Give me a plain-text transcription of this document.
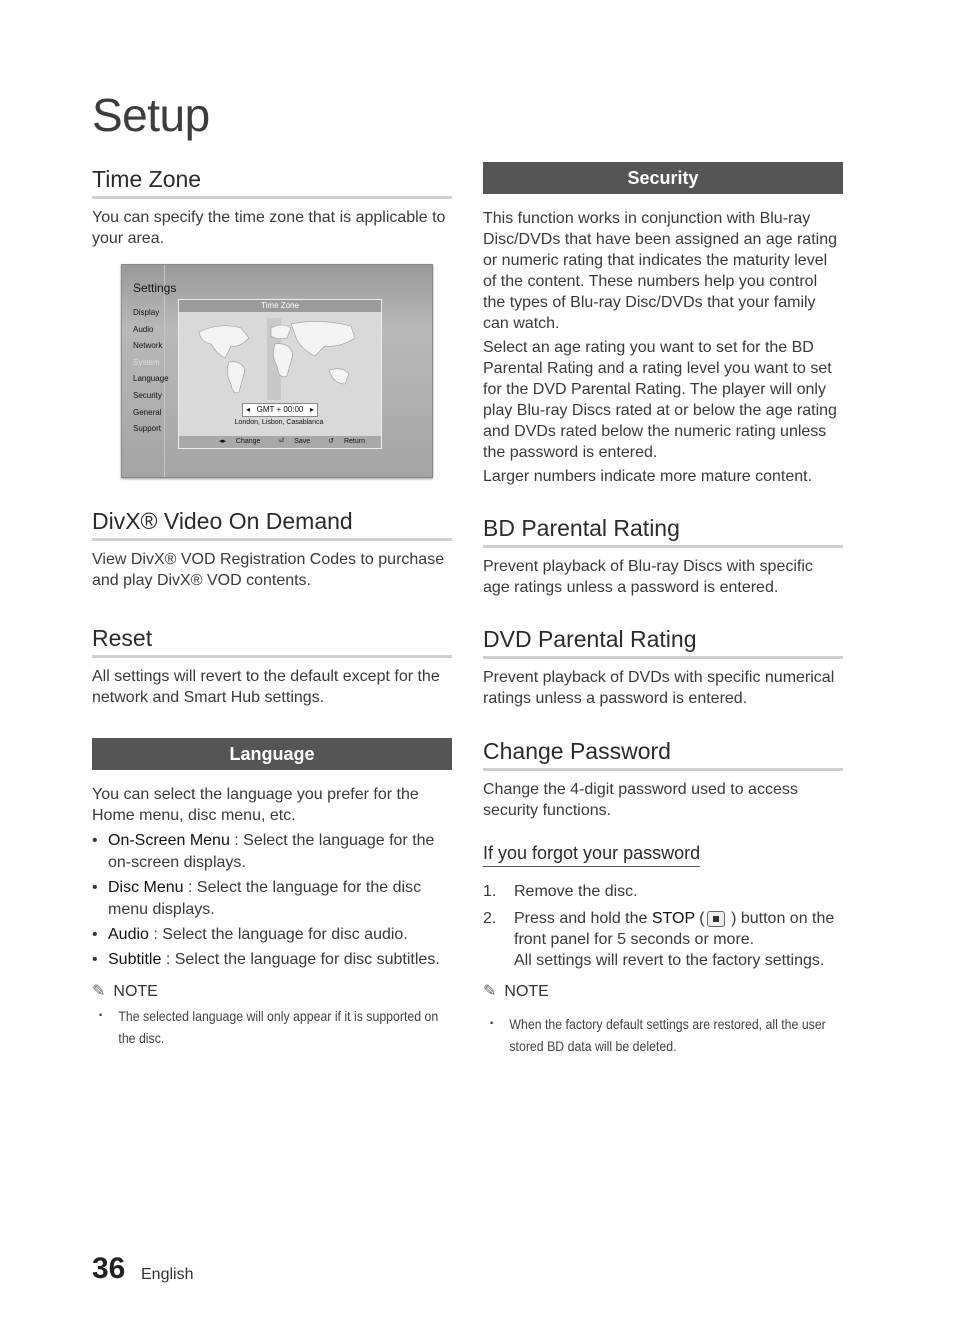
Setup
Time Zone

You can specify the time zone that is applicable to your area.

Settings
Display
Audio
Network
System
Language
Security
General
Support
Time Zone
◂ GMT + 00:00 ▸
London, Lisbon, Casablanca
◂▸ Change	⏎ Save	↺ Return
DivX® Video On Demand

View DivX® VOD Registration Codes to purchase and play DivX® VOD contents.

Reset

All settings will revert to the default except for the network and Smart Hub settings.

Language

You can select the language you prefer for the Home menu, disc menu, etc.

• On-Screen Menu : Select the language for the on-screen displays.
• Disc Menu : Select the language for the disc menu displays.
• Audio : Select the language for disc audio.
• Subtitle : Select the language for disc subtitles.
✎ NOTE
▪ The selected language will only appear if it is supported on the disc.
Security

This function works in conjunction with Blu-ray Disc/DVDs that have been assigned an age rating or numeric rating that indicates the maturity level of the content. These numbers help you control the types of Blu-ray Disc/DVDs that your family can watch.

Select an age rating you want to set for the BD Parental Rating and a rating level you want to set for the DVD Parental Rating. The player will only play Blu-ray Discs rated at or below the age rating and DVDs rated below the numeric rating unless the password is entered.

Larger numbers indicate more mature content.

BD Parental Rating

Prevent playback of Blu-ray Discs with specific age ratings unless a password is entered.

DVD Parental Rating

Prevent playback of DVDs with specific numerical ratings unless a password is entered.

Change Password

Change the 4-digit password used to access security functions.

If you forgot your password
1. Remove the disc.
2. Press and hold the STOP ( ) button on the front panel for 5 seconds or more.
All settings will revert to the factory settings.
✎ NOTE
▪ When the factory default settings are restored, all the user stored BD data will be deleted.
36 English
